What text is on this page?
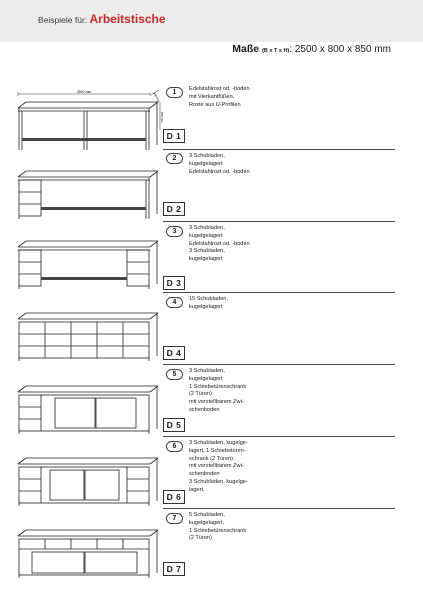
Beispiele für: Arbeitstische
Maße (B x T x H): 2500 x 800 x 850 mm
2500 mm	800 mm
850 mm
1	Edelstahlrost od. -boden
mit Vierkantfüßen,
Roste aus U-Profilen
D 1
2	3 Schubladen,
kugelgelagert
Edelstahlrost od. -boden
D 2
3	3 Schubladen,
kugelgelagert
Edelstahlrost od. -boden
3 Schubladen,
kugelgelagert
D 3
4	15 Schubladen,
kugelgelagert
D 4
5	3 Schubladen,
kugelgelagert
1 Schiebetürenschrank
(2 Türen)
mit verstellbarem Zwi-
schenboden
D 5
6	3 Schubladen, kugelge-
lagert, 1 Schiebetüren-
schrank (2 Türen)
mit verstellbarem Zwi-
schenboden
3 Schubladen, kugelge-
lagert,
D 6
7	5 Schubladen,
kugelgelagert,
1 Schiebetürenschrank
(2 Türen)
D 7
